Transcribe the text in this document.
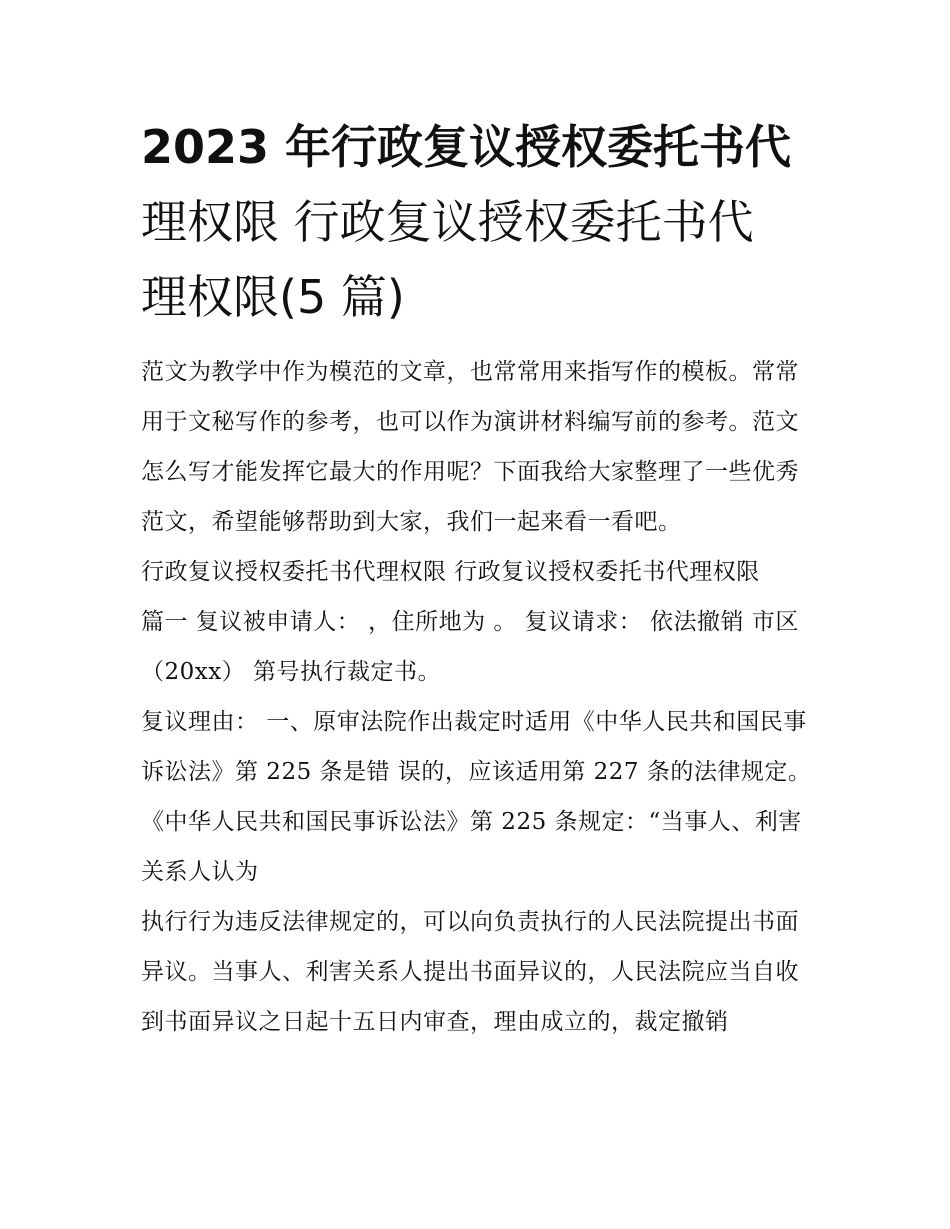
2023 年行政复议授权委托书代
理权限 行政复议授权委托书代
理权限(5 篇)

范文为教学中作为模范的文章，也常常用来指写作的模板。常常用于文秘写作的参考，也可以作为演讲材料编写前的参考。范文怎么写才能发挥它最大的作用呢？下面我给大家整理了一些优秀范文，希望能够帮助到大家，我们一起来看一看吧。

行政复议授权委托书代理权限 行政复议授权委托书代理权限

篇一 复议被申请人： ，住所地为 。 复议请求： 依法撤销 市区（20xx） 第号执行裁定书。

复议理由： 一、原审法院作出裁定时适用《中华人民共和国民事诉讼法》第 225 条是错 误的，应该适用第 227 条的法律规定。

《中华人民共和国民事诉讼法》第 225 条规定：“当事人、利害关系人认为

执行行为违反法律规定的，可以向负责执行的人民法院提出书面异议。当事人、利害关系人提出书面异议的，人民法院应当自收到书面异议之日起十五日内审查，理由成立的，裁定撤销
